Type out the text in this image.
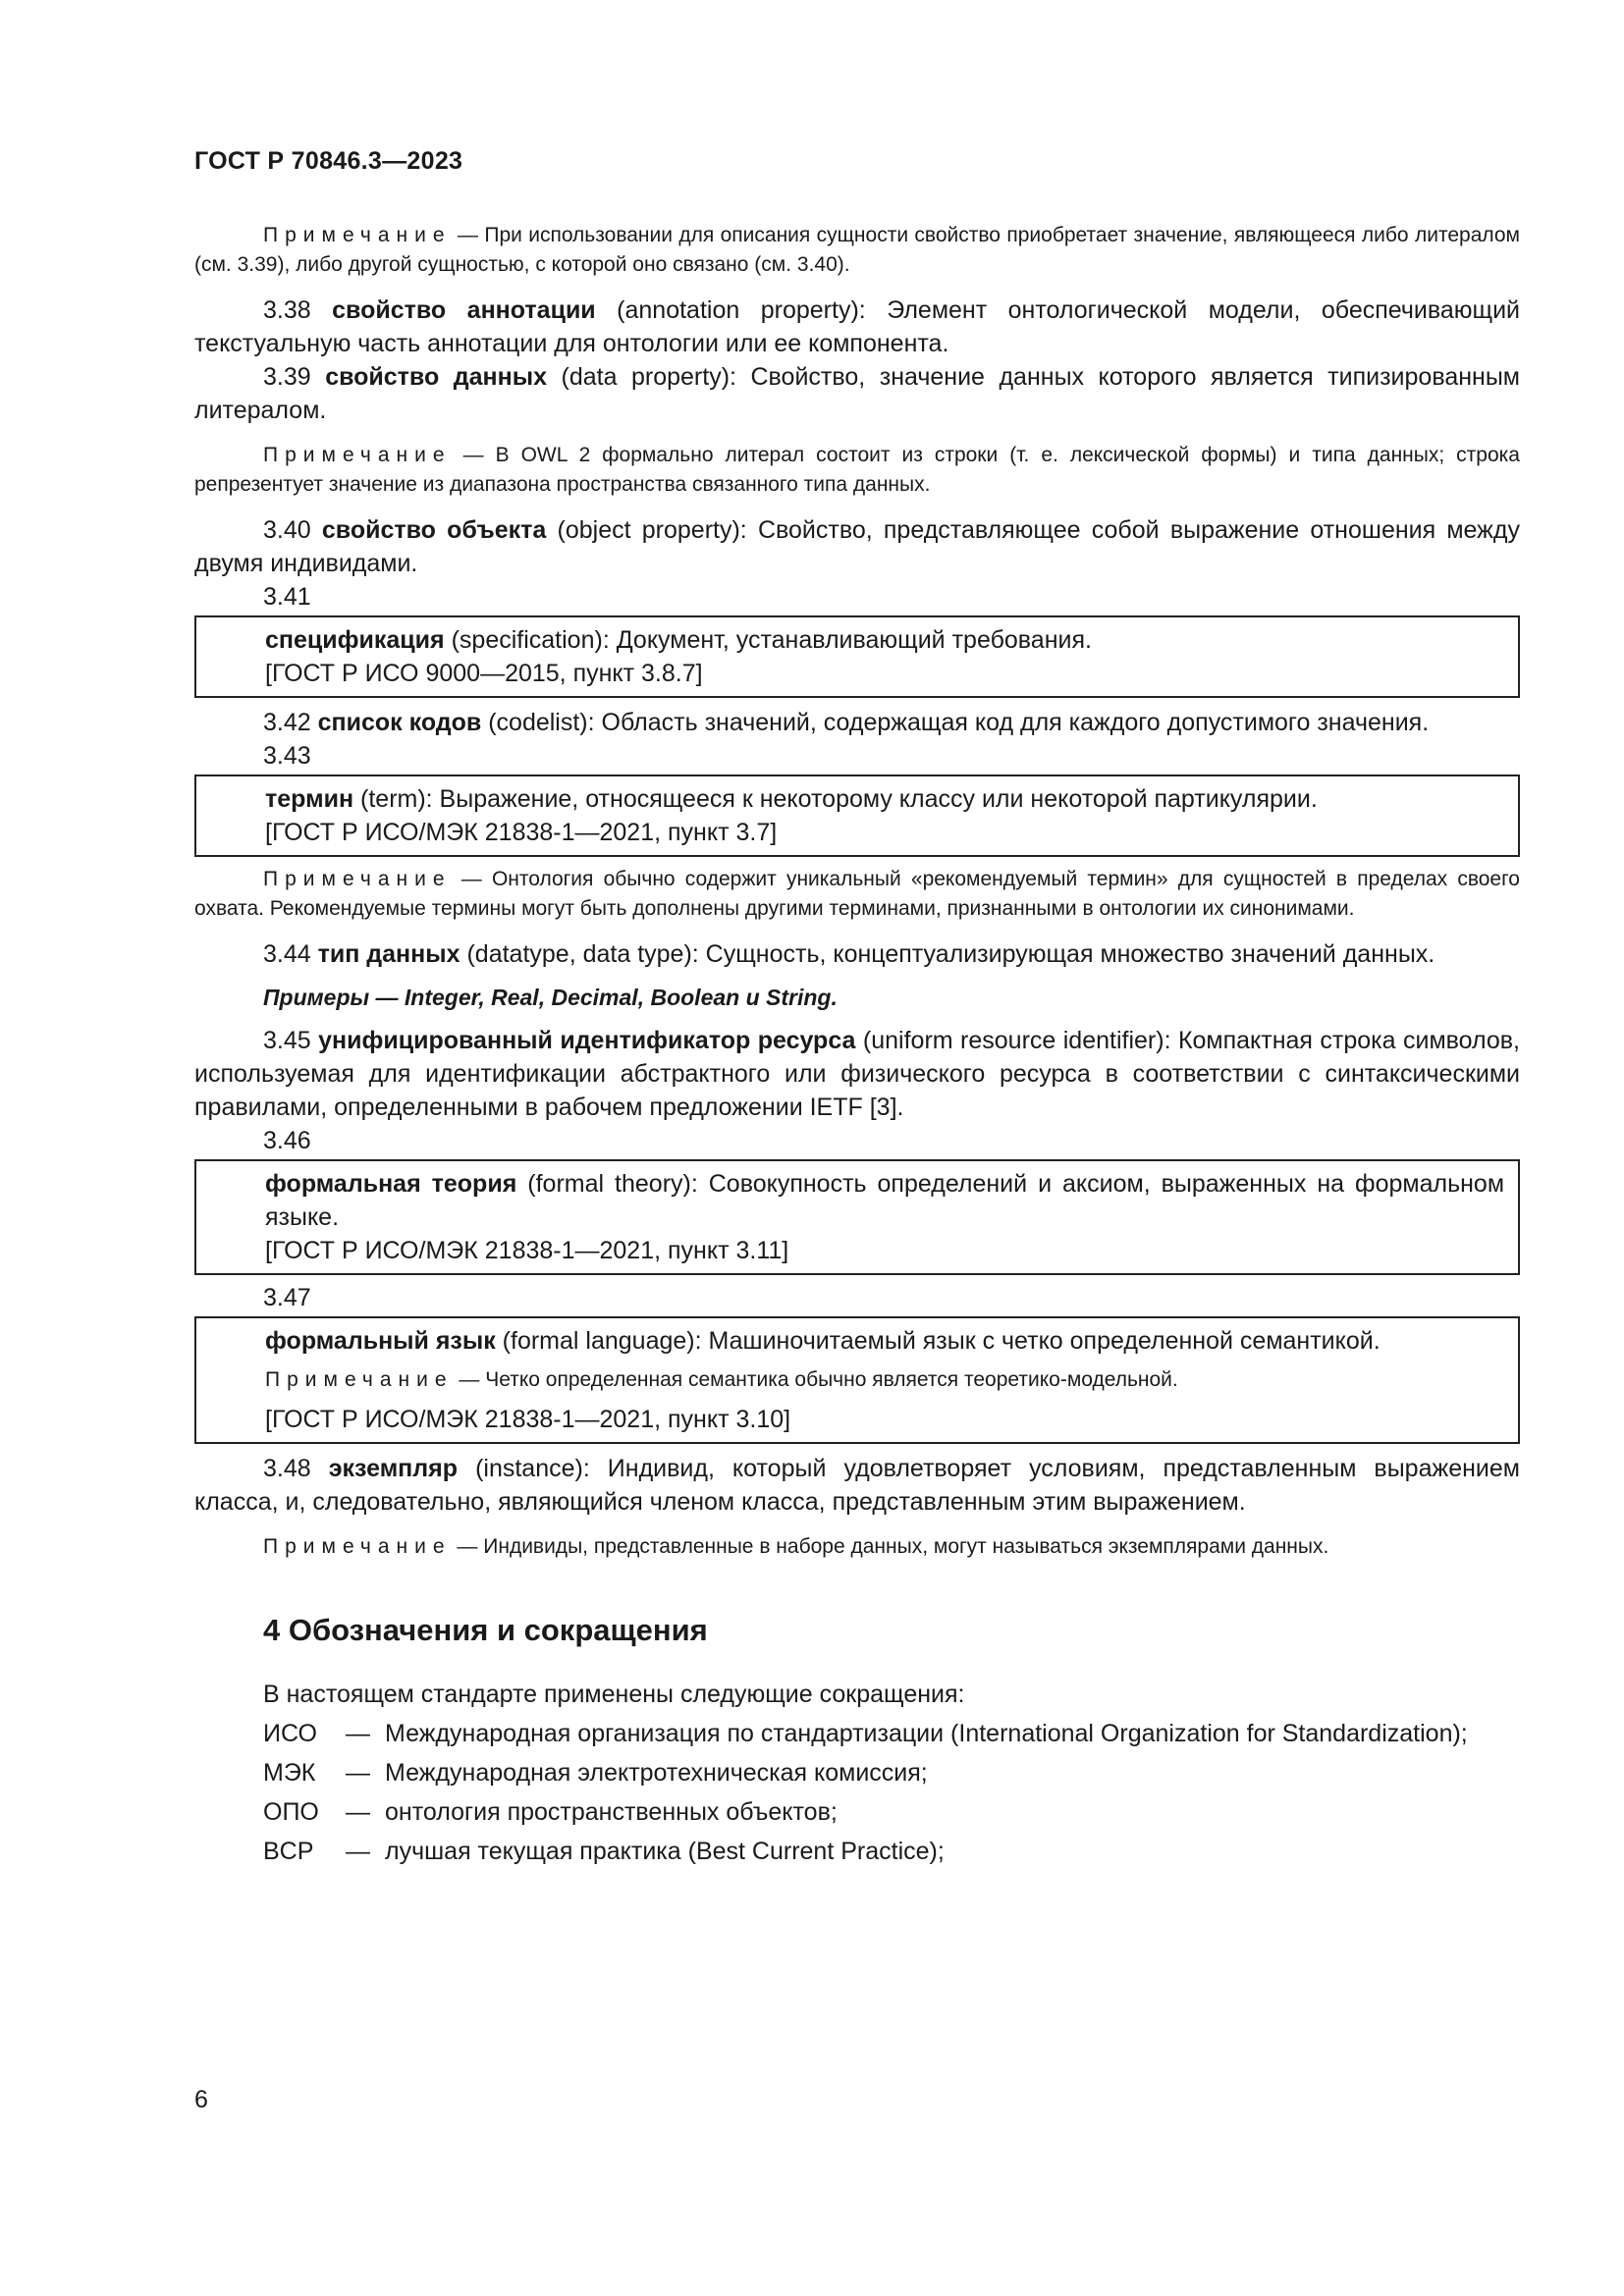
ГОСТ Р 70846.3—2023

Примечание — При использовании для описания сущности свойство приобретает значение, являющееся либо литералом (см. 3.39), либо другой сущностью, с которой оно связано (см. 3.40).

3.38 свойство аннотации (annotation property): Элемент онтологической модели, обеспечивающий текстуальную часть аннотации для онтологии или ее компонента.

3.39 свойство данных (data property): Свойство, значение данных которого является типизированным литералом.

Примечание — В OWL 2 формально литерал состоит из строки (т. е. лексической формы) и типа данных; строка репрезентует значение из диапазона пространства связанного типа данных.

3.40 свойство объекта (object property): Свойство, представляющее собой выражение отношения между двумя индивидами.

3.41

спецификация (specification): Документ, устанавливающий требования.

[ГОСТ Р ИСО 9000—2015, пункт 3.8.7]

3.42 список кодов (codelist): Область значений, содержащая код для каждого допустимого значения.

3.43

термин (term): Выражение, относящееся к некоторому классу или некоторой партикулярии.

[ГОСТ Р ИСО/МЭК 21838-1—2021, пункт 3.7]

Примечание — Онтология обычно содержит уникальный «рекомендуемый термин» для сущностей в пределах своего охвата. Рекомендуемые термины могут быть дополнены другими терминами, признанными в онтологии их синонимами.

3.44 тип данных (datatype, data type): Сущность, концептуализирующая множество значений данных.

Примеры — Integer, Real, Decimal, Boolean и String.

3.45 унифицированный идентификатор ресурса (uniform resource identifier): Компактная строка символов, используемая для идентификации абстрактного или физического ресурса в соответствии с синтаксическими правилами, определенными в рабочем предложении IETF [3].

3.46

формальная теория (formal theory): Совокупность определений и аксиом, выраженных на формальном языке.

[ГОСТ Р ИСО/МЭК 21838-1—2021, пункт 3.11]

3.47

формальный язык (formal language): Машиночитаемый язык с четко определенной семантикой.

Примечание — Четко определенная семантика обычно является теоретико-модельной.

[ГОСТ Р ИСО/МЭК 21838-1—2021, пункт 3.10]

3.48 экземпляр (instance): Индивид, который удовлетворяет условиям, представленным выражением класса, и, следовательно, являющийся членом класса, представленным этим выражением.

Примечание — Индивиды, представленные в наборе данных, могут называться экземплярами данных.

4 Обозначения и сокращения

В настоящем стандарте применены следующие сокращения:

ИСО	— Международная организация по стандартизации (International Organization for Standardization);
МЭК	— Международная электротехническая комиссия;
ОПО	— онтология пространственных объектов;
BCP	— лучшая текущая практика (Best Current Practice);
6
